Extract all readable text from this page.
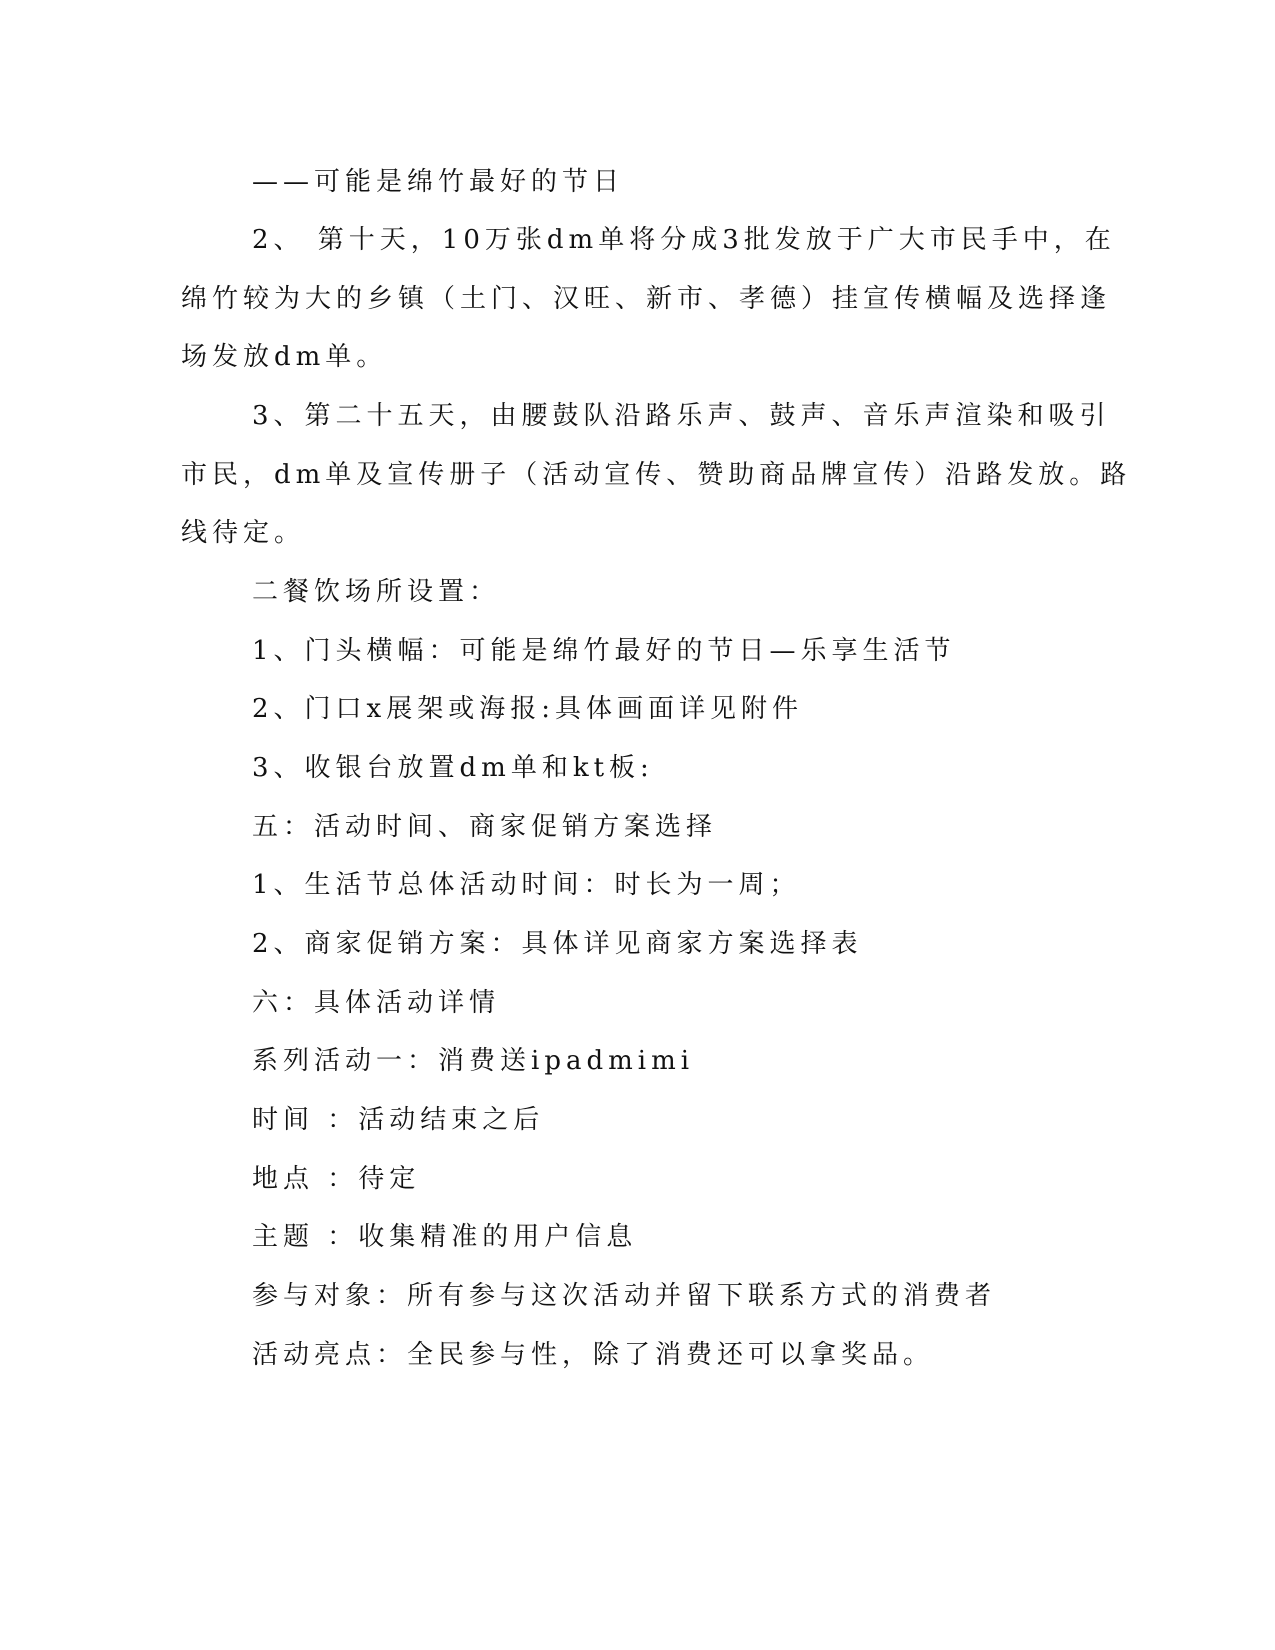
——可能是绵竹最好的节日
2、 第十天，10万张dm单将分成3批发放于广大市民手中，在
绵竹较为大的乡镇（土门、汉旺、新市、孝德）挂宣传横幅及选择逢
场发放dm单。
3、第二十五天，由腰鼓队沿路乐声、鼓声、音乐声渲染和吸引
市民，dm单及宣传册子（活动宣传、赞助商品牌宣传）沿路发放。路
线待定。
二餐饮场所设置：
1、门头横幅：可能是绵竹最好的节日—乐享生活节
2、门口x展架或海报:具体画面详见附件
3、收银台放置dm单和kt板:
五：活动时间、商家促销方案选择
1、生活节总体活动时间：时长为一周；
2、商家促销方案：具体详见商家方案选择表
六：具体活动详情
系列活动一：消费送ipadmimi
时间 ：活动结束之后
地点 ：待定
主题 ：收集精准的用户信息
参与对象：所有参与这次活动并留下联系方式的消费者
活动亮点：全民参与性，除了消费还可以拿奖品。
